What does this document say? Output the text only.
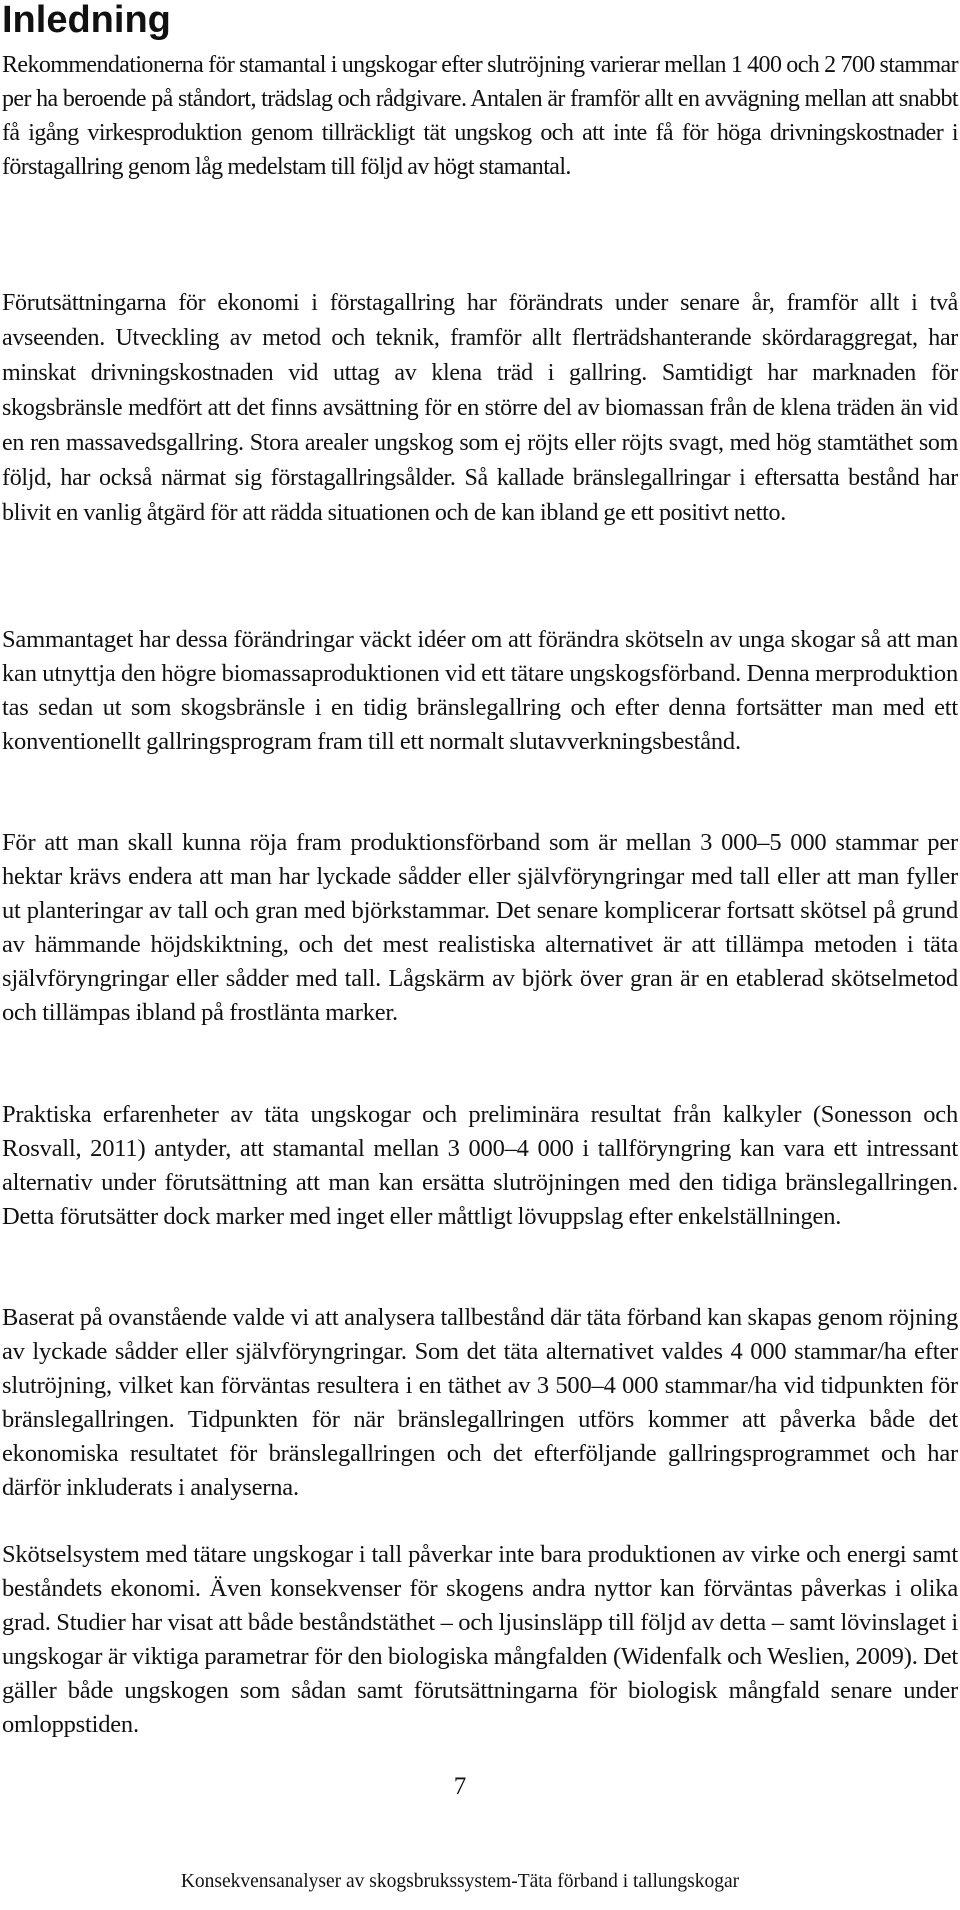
Inledning

Rekommendationerna för stamantal i ungskogar efter slutröjning varierar mellan 1 400 och 2 700 stammar per ha beroende på ståndort, trädslag och rådgivare. Antalen är framför allt en avvägning mellan att snabbt få igång virkesproduktion genom tillräckligt tät ungskog och att inte få för höga drivningskostnader i förstagallring genom låg medelstam till följd av högt stamantal.

Förutsättningarna för ekonomi i förstagallring har förändrats under senare år, framför allt i två avseenden. Utveckling av metod och teknik, framför allt flerträdshanterande skördaraggregat, har minskat drivningskostnaden vid uttag av klena träd i gallring. Samtidigt har marknaden för skogsbränsle medfört att det finns avsättning för en större del av biomassan från de klena träden än vid en ren massavedsgallring. Stora arealer ungskog som ej röjts eller röjts svagt, med hög stamtäthet som följd, har också närmat sig förstagallringsålder. Så kallade bränslegallringar i eftersatta bestånd har blivit en vanlig åtgärd för att rädda situationen och de kan ibland ge ett positivt netto.

Sammantaget har dessa förändringar väckt idéer om att förändra skötseln av unga skogar så att man kan utnyttja den högre biomassaproduktionen vid ett tätare ungskogsförband. Denna merproduktion tas sedan ut som skogsbränsle i en tidig bränslegallring och efter denna fortsätter man med ett konventionellt gallringsprogram fram till ett normalt slutavverkningsbestånd.

För att man skall kunna röja fram produktionsförband som är mellan 3 000–5 000 stammar per hektar krävs endera att man har lyckade sådder eller självföryngringar med tall eller att man fyller ut planteringar av tall och gran med björkstammar. Det senare komplicerar fortsatt skötsel på grund av hämmande höjdskiktning, och det mest realistiska alternativet är att tillämpa metoden i täta självföryngringar eller sådder med tall. Lågskärm av björk över gran är en etablerad skötselmetod och tillämpas ibland på frostlänta marker.

Praktiska erfarenheter av täta ungskogar och preliminära resultat från kalkyler (Sonesson och Rosvall, 2011) antyder, att stamantal mellan 3 000–4 000 i tallföryngring kan vara ett intressant alternativ under förutsättning att man kan ersätta slutröjningen med den tidiga bränslegallringen. Detta förutsätter dock marker med inget eller måttligt lövuppslag efter enkelställningen.

Baserat på ovanstående valde vi att analysera tallbestånd där täta förband kan skapas genom röjning av lyckade sådder eller självföryngringar. Som det täta alternativet valdes 4 000 stammar/ha efter slutröjning, vilket kan förväntas resultera i en täthet av 3 500–4 000 stammar/ha vid tidpunkten för bränslegallringen. Tidpunkten för när bränslegallringen utförs kommer att påverka både det ekonomiska resultatet för bränslegallringen och det efterföljande gallringsprogrammet och har därför inkluderats i analyserna.

Skötselsystem med tätare ungskogar i tall påverkar inte bara produktionen av virke och energi samt beståndets ekonomi. Även konsekvenser för skogens andra nyttor kan förväntas påverkas i olika grad. Studier har visat att både beståndstäthet – och ljusinsläpp till följd av detta – samt lövinslaget i ungskogar är viktiga parametrar för den biologiska mångfalden (Widenfalk och Weslien, 2009). Det gäller både ungskogen som sådan samt förutsättningarna för biologisk mångfald senare under omloppstiden.

7
Konsekvensanalyser av skogsbrukssystem-Täta förband i tallungskogar
